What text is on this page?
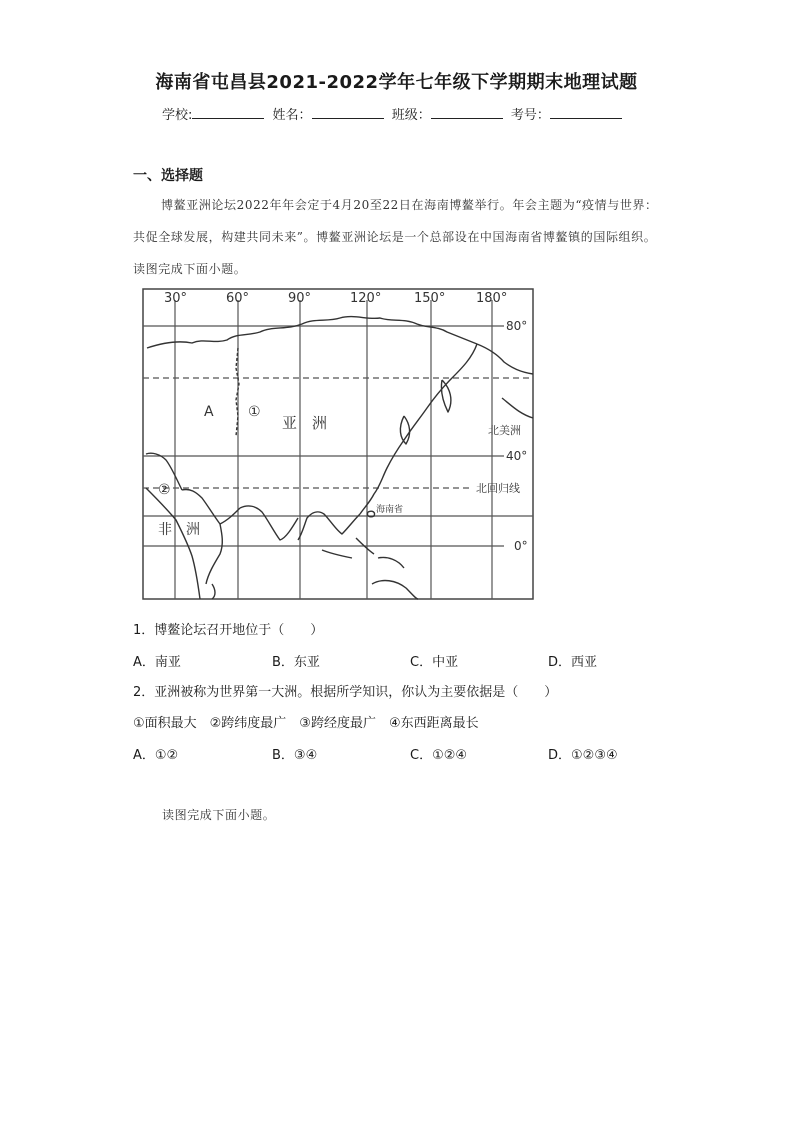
海南省屯昌县2021-2022学年七年级下学期期末地理试题
学校:	姓名：	班级：	考号：
一、选择题
博鳌亚洲论坛2022年年会定于4月20至22日在海南博鳌举行。年会主题为“疫情与世界：共促全球发展，构建共同未来”。博鳌亚洲论坛是一个总部设在中国海南省博鳌镇的国际组织。读图完成下面小题。
30°	60°	90°	120°	150° 180°
80°
40°
0°
A ①
亚　洲
②
非　洲
北美洲
北回归线
海南省
1．博鳌论坛召开地位于（　　）
A．南亚	B．东亚	C．中亚	D．西亚
2．亚洲被称为世界第一大洲。根据所学知识，你认为主要依据是（　　）
①面积最大　②跨纬度最广　③跨经度最广　④东西距离最长
A．①②	B．③④	C．①②④	D．①②③④
读图完成下面小题。
